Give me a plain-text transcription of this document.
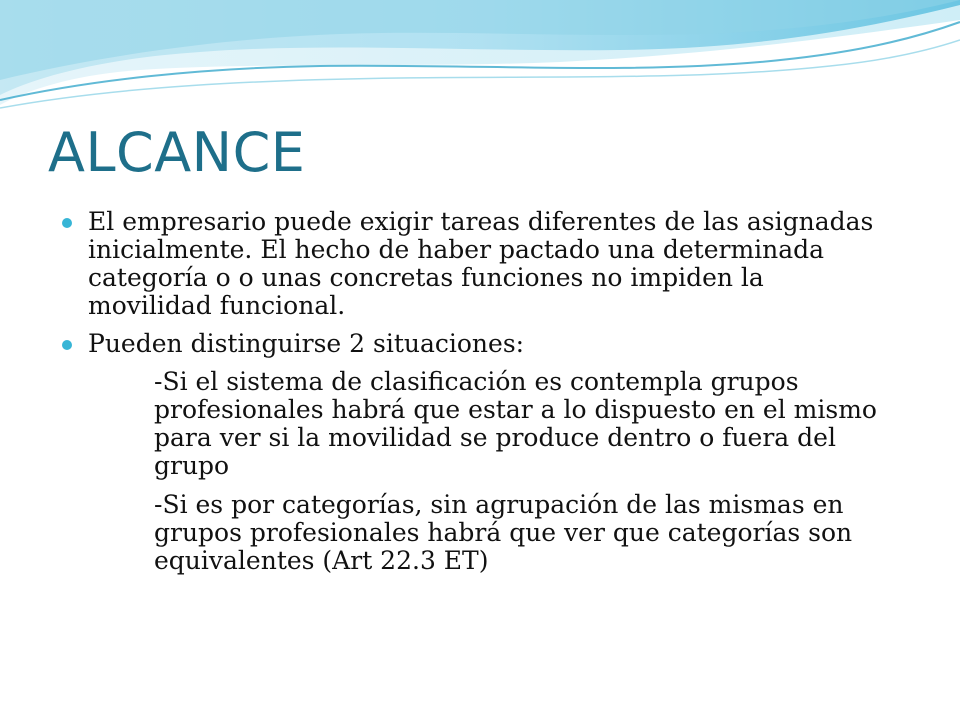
ALCANCE
El empresario puede exigir tareas diferentes de las asignadas inicialmente. El hecho de haber pactado una determinada categoría o o unas concretas funciones no impiden la movilidad funcional.
Pueden distinguirse 2 situaciones:
-Si el sistema de clasificación es contempla grupos profesionales habrá que estar a lo dispuesto en el mismo para ver si la movilidad se produce dentro o fuera del grupo
-Si es por categorías, sin agrupación de las mismas en grupos profesionales habrá que ver que categorías son equivalentes (Art 22.3 ET)
